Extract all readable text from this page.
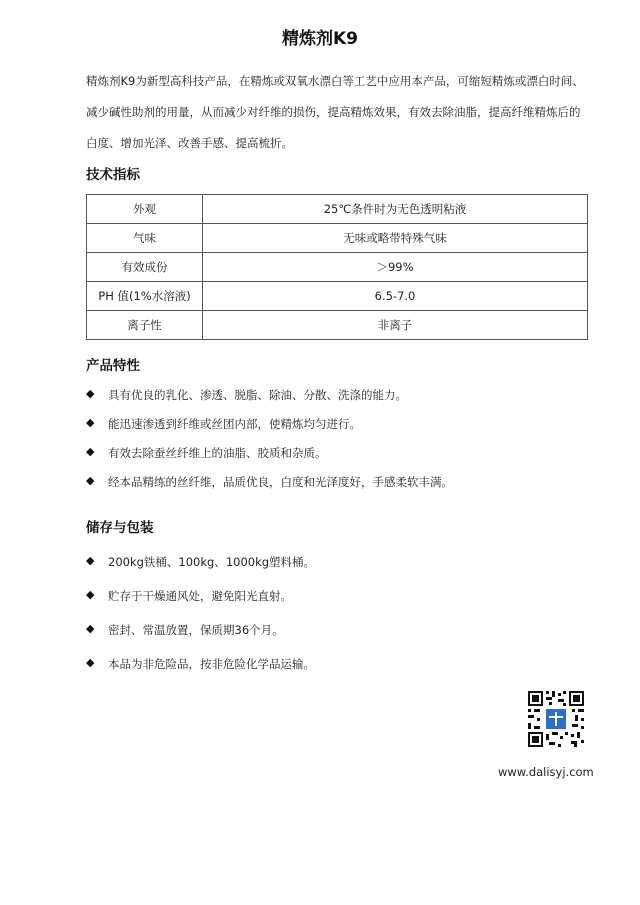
精炼剂K9
精炼剂K9为新型高科技产品，在精炼或双氧水漂白等工艺中应用本产品，可缩短精炼或漂白时间、减少碱性助剂的用量，从而减少对纤维的损伤，提高精炼效果，有效去除油脂，提高纤维精炼后的白度、增加光泽、改善手感、提高梳折。
技术指标
外观	25℃条件时为无色透明粘液
气味	无味或略带特殊气味
有效成份	＞99%
PH 值(1%水溶液)	6.5-7.0
离子性	非离子
产品特性
◆ 具有优良的乳化、渗透、脱脂、除油、分散、洗涤的能力。
◆ 能迅速渗透到纤维或丝团内部，使精炼均匀进行。
◆ 有效去除蚕丝纤维上的油脂、胶质和杂质。
◆ 经本品精练的丝纤维，品质优良，白度和光泽度好，手感柔软丰满。
储存与包装
◆ 200kg铁桶、100kg、1000kg塑料桶。
◆ 贮存于干燥通风处，避免阳光直射。
◆ 密封、常温放置，保质期36个月。
◆ 本品为非危险品，按非危险化学品运输。
www.dalisyj.com
